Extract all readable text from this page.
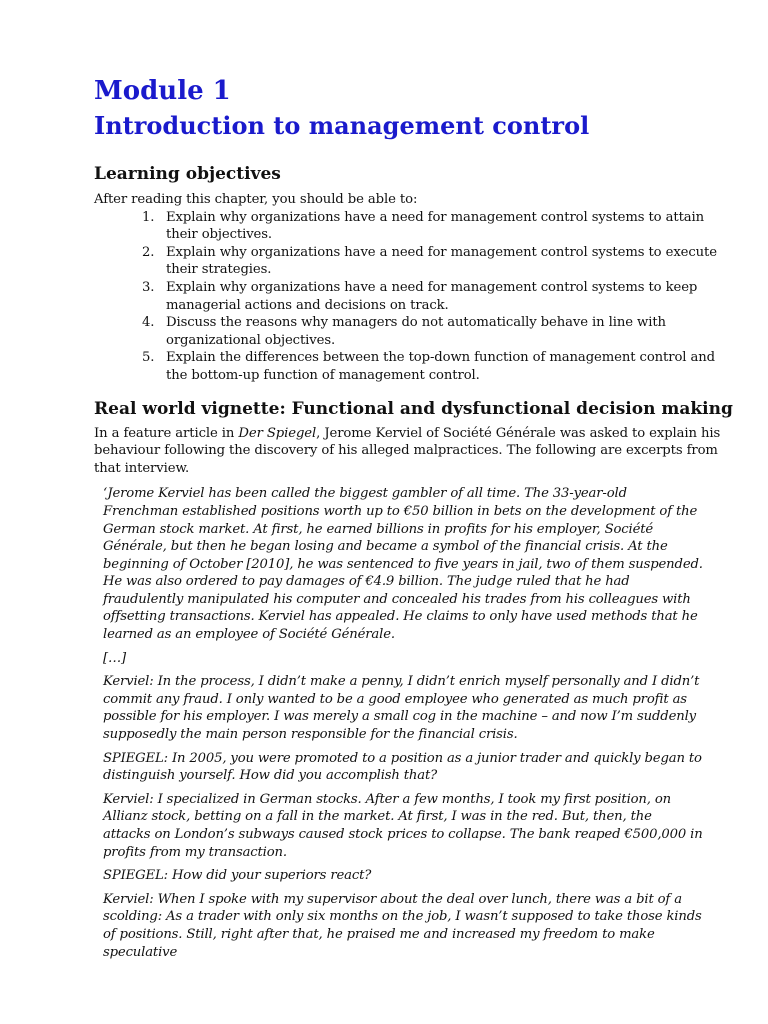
Module 1
Introduction to management control
Learning objectives

After reading this chapter, you should be able to:

1. Explain why organizations have a need for management control systems to attain their objectives.
2. Explain why organizations have a need for management control systems to execute their strategies.
3. Explain why organizations have a need for management control systems to keep managerial actions and decisions on track.
4. Discuss the reasons why managers do not automatically behave in line with organizational objectives.
5. Explain the differences between the top-down function of management control and the bottom-up function of management control.
Real world vignette: Functional and dysfunctional decision making

In a feature article in Der Spiegel, Jerome Kerviel of Société Générale was asked to explain his behaviour following the discovery of his alleged malpractices. The following are excerpts from that interview.

‘Jerome Kerviel has been called the biggest gambler of all time. The 33-year-old Frenchman established positions worth up to €50 billion in bets on the development of the German stock market. At first, he earned billions in profits for his employer, Société Générale, but then he began losing and became a symbol of the financial crisis. At the beginning of October [2010], he was sentenced to five years in jail, two of them suspended. He was also ordered to pay damages of €4.9 billion. The judge ruled that he had fraudulently manipulated his computer and concealed his trades from his colleagues with offsetting transactions. Kerviel has appealed. He claims to only have used methods that he learned as an employee of Société Générale.

[…]

Kerviel: In the process, I didn’t make a penny, I didn’t enrich myself personally and I didn’t commit any fraud. I only wanted to be a good employee who generated as much profit as possible for his employer. I was merely a small cog in the machine – and now I’m suddenly supposedly the main person responsible for the financial crisis.

SPIEGEL: In 2005, you were promoted to a position as a junior trader and quickly began to distinguish yourself. How did you accomplish that?

Kerviel: I specialized in German stocks. After a few months, I took my first position, on Allianz stock, betting on a fall in the market. At first, I was in the red. But, then, the attacks on London’s subways caused stock prices to collapse. The bank reaped €500,000 in profits from my transaction.

SPIEGEL: How did your superiors react?

Kerviel: When I spoke with my supervisor about the deal over lunch, there was a bit of a scolding: As a trader with only six months on the job, I wasn’t supposed to take those kinds of positions. Still, right after that, he praised me and increased my freedom to make speculative
